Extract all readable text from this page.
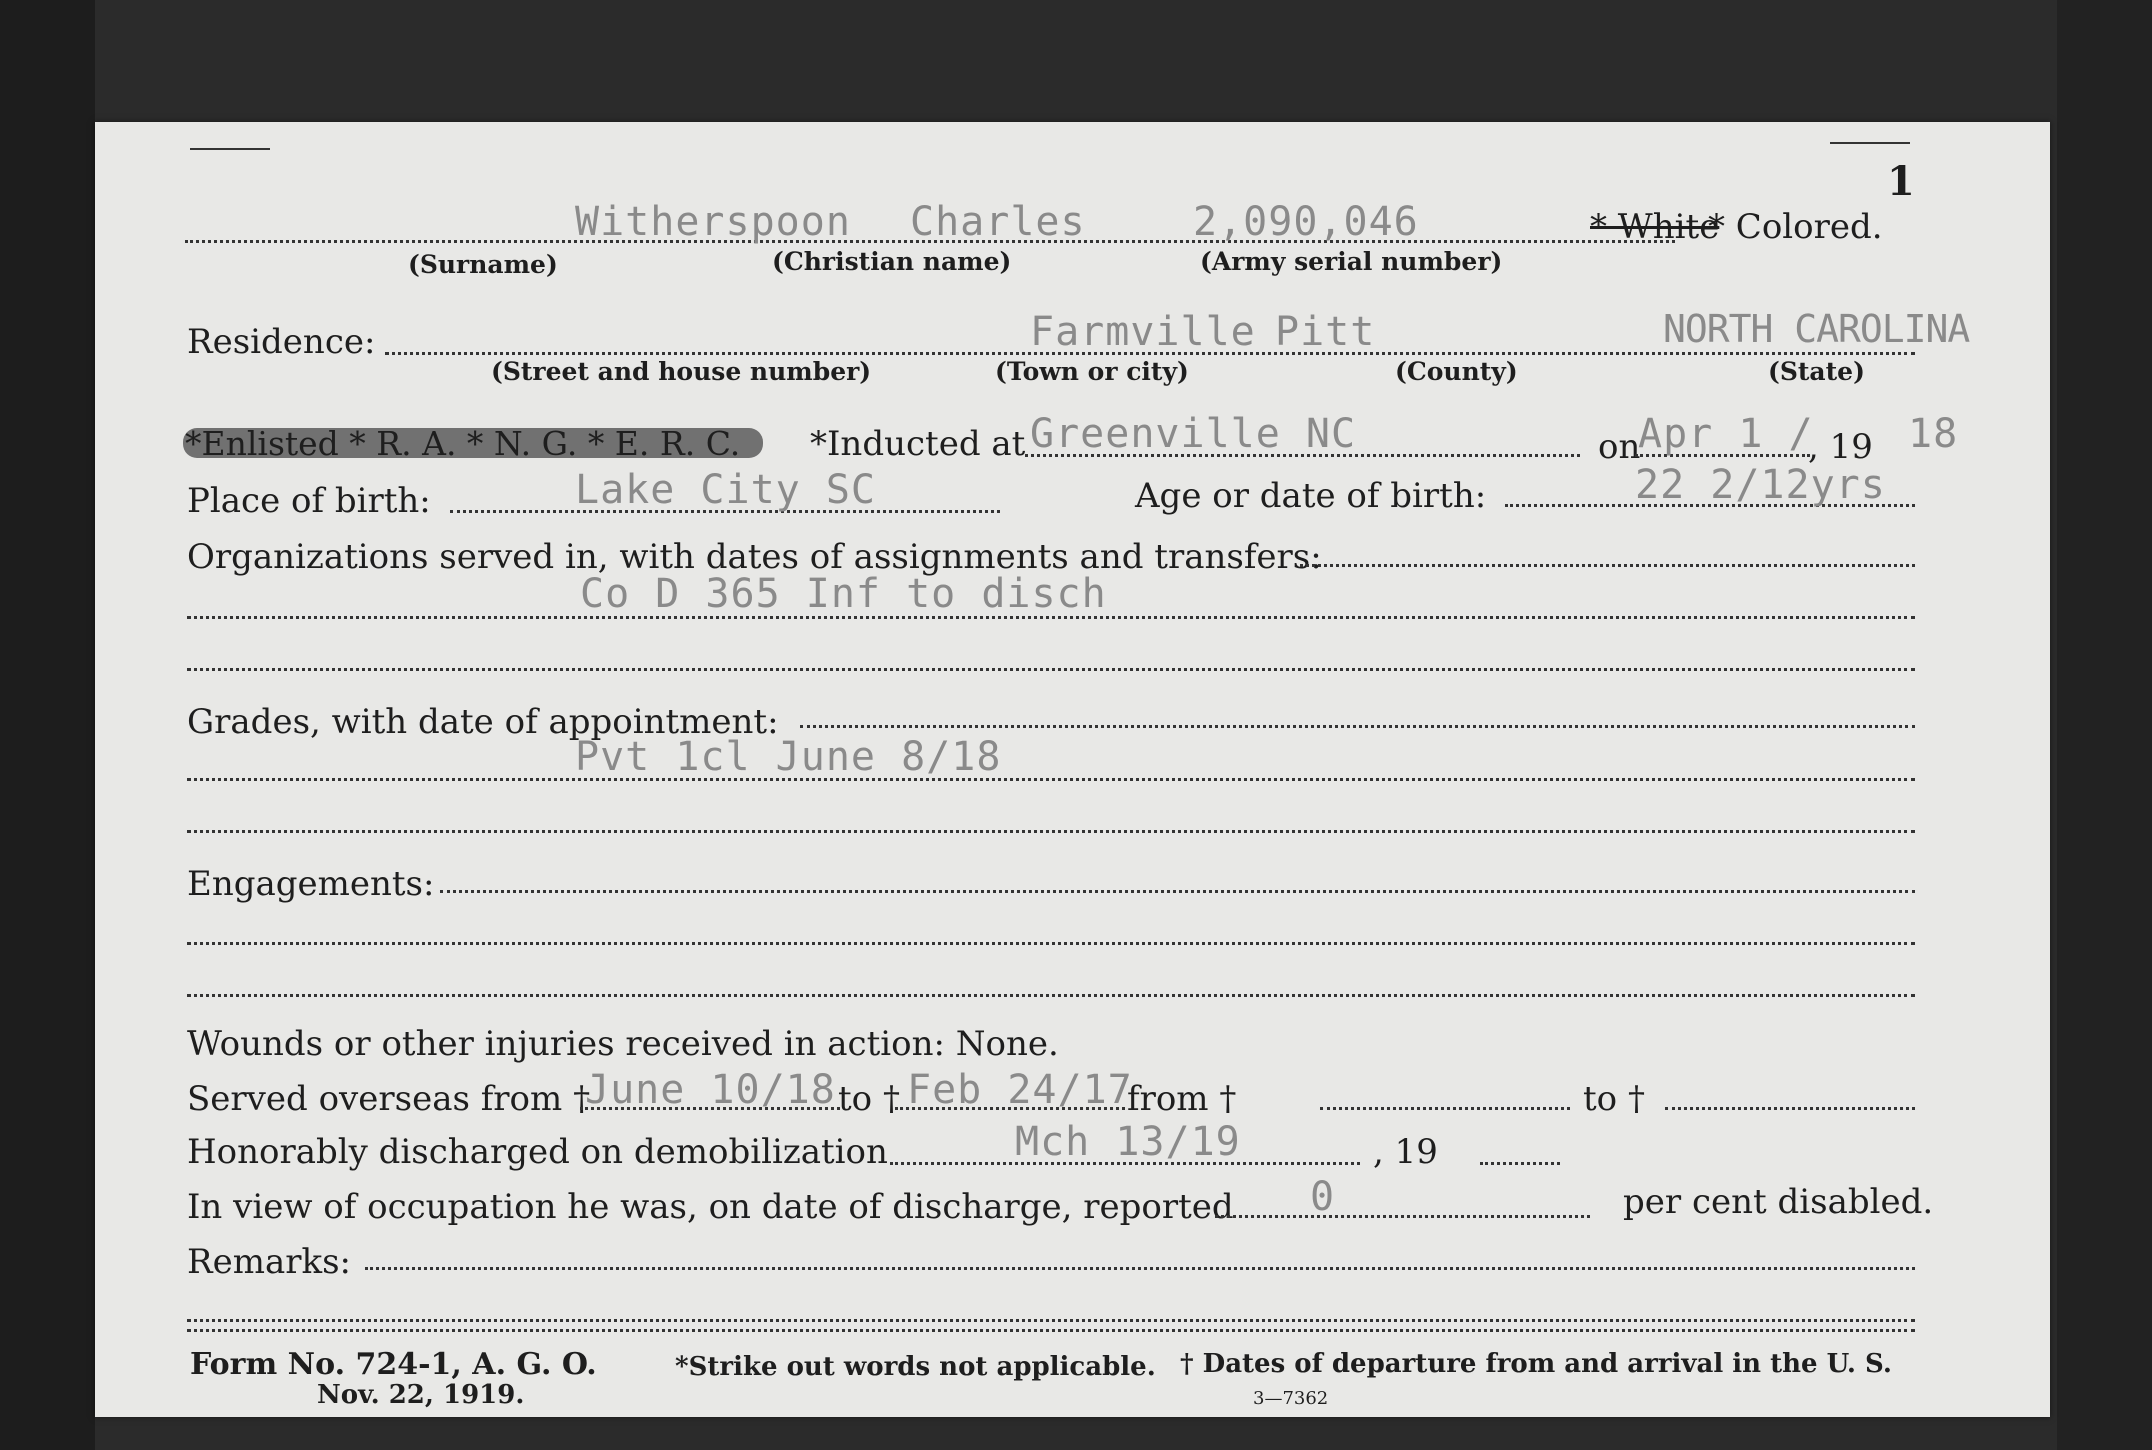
1
Witherspoon Charles	2,090,046	* White
* Colored.
(Surname)	(Christian name)	(Army serial number)
Residence:	Farmville Pitt	NORTH CAROLINA
(Street and house number)	(Town or city)	(County)	(State)
*Enlisted * R. A. * N. G. * E. R. C. *Inducted at Greenville NC	on
Apr 1 /
, 19 18
Place of birth:	Lake City SC	Age or date of birth:	22 2/12yrs
Organizations served in, with dates of assignments and transfers:
Co D 365 Inf to disch
Grades, with date of appointment:
Pvt 1cl June 8/18
Engagements:
Wounds or other injuries received in action: None.
Served overseas from †
June 10/18 to † Feb 24/17
from †	to †
Honorably discharged on demobilization	Mch 13/19	, 19
In view of occupation he was, on date of discharge, reported 0	per cent disabled.
Remarks:
Form No. 724-1, A. G. O.
Nov. 22, 1919.
*Strike out words not applicable. † Dates of departure from and arrival in the U. S.
3—7362
